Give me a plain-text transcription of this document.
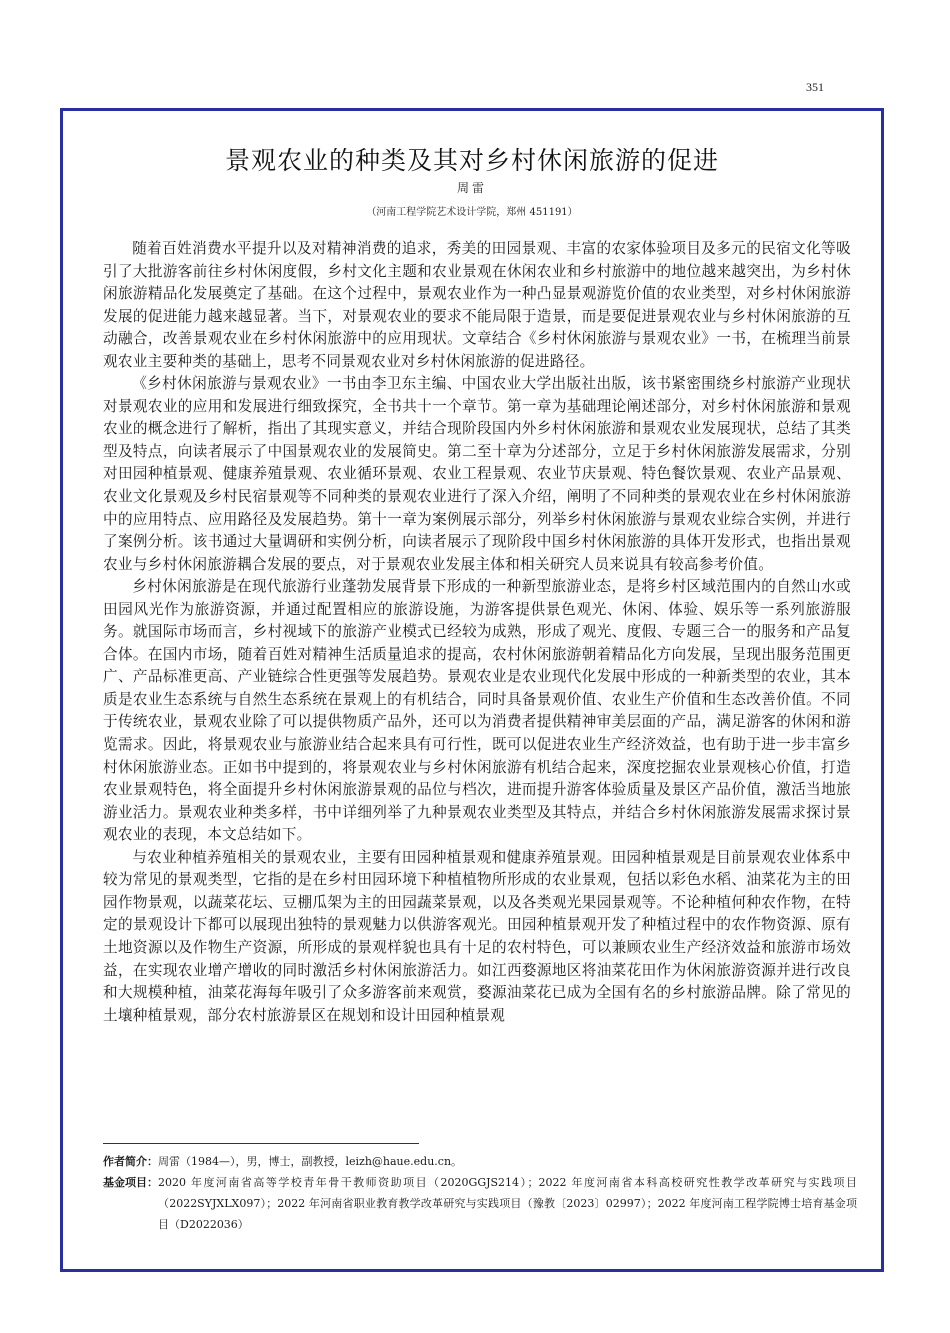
351
景观农业的种类及其对乡村休闲旅游的促进
周雷
（河南工程学院艺术设计学院，郑州 451191）

随着百姓消费水平提升以及对精神消费的追求，秀美的田园景观、丰富的农家体验项目及多元的民宿文化等吸引了大批游客前往乡村休闲度假，乡村文化主题和农业景观在休闲农业和乡村旅游中的地位越来越突出，为乡村休闲旅游精品化发展奠定了基础。在这个过程中，景观农业作为一种凸显景观游览价值的农业类型，对乡村休闲旅游发展的促进能力越来越显著。当下，对景观农业的要求不能局限于造景，而是要促进景观农业与乡村休闲旅游的互动融合，改善景观农业在乡村休闲旅游中的应用现状。文章结合《乡村休闲旅游与景观农业》一书，在梳理当前景观农业主要种类的基础上，思考不同景观农业对乡村休闲旅游的促进路径。

《乡村休闲旅游与景观农业》一书由李卫东主编、中国农业大学出版社出版，该书紧密围绕乡村旅游产业现状对景观农业的应用和发展进行细致探究，全书共十一个章节。第一章为基础理论阐述部分，对乡村休闲旅游和景观农业的概念进行了解析，指出了其现实意义，并结合现阶段国内外乡村休闲旅游和景观农业发展现状，总结了其类型及特点，向读者展示了中国景观农业的发展简史。第二至十章为分述部分，立足于乡村休闲旅游发展需求，分别对田园种植景观、健康养殖景观、农业循环景观、农业工程景观、农业节庆景观、特色餐饮景观、农业产品景观、农业文化景观及乡村民宿景观等不同种类的景观农业进行了深入介绍，阐明了不同种类的景观农业在乡村休闲旅游中的应用特点、应用路径及发展趋势。第十一章为案例展示部分，列举乡村休闲旅游与景观农业综合实例，并进行了案例分析。该书通过大量调研和实例分析，向读者展示了现阶段中国乡村休闲旅游的具体开发形式，也指出景观农业与乡村休闲旅游耦合发展的要点，对于景观农业发展主体和相关研究人员来说具有较高参考价值。

乡村休闲旅游是在现代旅游行业蓬勃发展背景下形成的一种新型旅游业态，是将乡村区域范围内的自然山水或田园风光作为旅游资源，并通过配置相应的旅游设施，为游客提供景色观光、休闲、体验、娱乐等一系列旅游服务。就国际市场而言，乡村视域下的旅游产业模式已经较为成熟，形成了观光、度假、专题三合一的服务和产品复合体。在国内市场，随着百姓对精神生活质量追求的提高，农村休闲旅游朝着精品化方向发展，呈现出服务范围更广、产品标准更高、产业链综合性更强等发展趋势。景观农业是农业现代化发展中形成的一种新类型的农业，其本质是农业生态系统与自然生态系统在景观上的有机结合，同时具备景观价值、农业生产价值和生态改善价值。不同于传统农业，景观农业除了可以提供物质产品外，还可以为消费者提供精神审美层面的产品，满足游客的休闲和游览需求。因此，将景观农业与旅游业结合起来具有可行性，既可以促进农业生产经济效益，也有助于进一步丰富乡村休闲旅游业态。正如书中提到的，将景观农业与乡村休闲旅游有机结合起来，深度挖掘农业景观核心价值，打造农业景观特色，将全面提升乡村休闲旅游景观的品位与档次，进而提升游客体验质量及景区产品价值，激活当地旅游业活力。景观农业种类多样，书中详细列举了九种景观农业类型及其特点，并结合乡村休闲旅游发展需求探讨景观农业的表现，本文总结如下。

与农业种植养殖相关的景观农业，主要有田园种植景观和健康养殖景观。田园种植景观是目前景观农业体系中较为常见的景观类型，它指的是在乡村田园环境下种植植物所形成的农业景观，包括以彩色水稻、油菜花为主的田园作物景观，以蔬菜花坛、豆棚瓜架为主的田园蔬菜景观，以及各类观光果园景观等。不论种植何种农作物，在特定的景观设计下都可以展现出独特的景观魅力以供游客观光。田园种植景观开发了种植过程中的农作物资源、原有土地资源以及作物生产资源，所形成的景观样貌也具有十足的农村特色，可以兼顾农业生产经济效益和旅游市场效益，在实现农业增产增收的同时激活乡村休闲旅游活力。如江西婺源地区将油菜花田作为休闲旅游资源并进行改良和大规模种植，油菜花海每年吸引了众多游客前来观赏，婺源油菜花已成为全国有名的乡村旅游品牌。除了常见的土壤种植景观，部分农村旅游景区在规划和设计田园种植景观

作者简介： 周雷（1984—），男，博士，副教授，leizh@haue.edu.cn。
基金项目： 2020 年度河南省高等学校青年骨干教师资助项目（2020GGJS214）；2022 年度河南省本科高校研究性教学改革研究与实践项目（2022SYJXLX097）；2022 年河南省职业教育教学改革研究与实践项目（豫教〔2023〕02997）；2022 年度河南工程学院博士培育基金项目（D2022036）
